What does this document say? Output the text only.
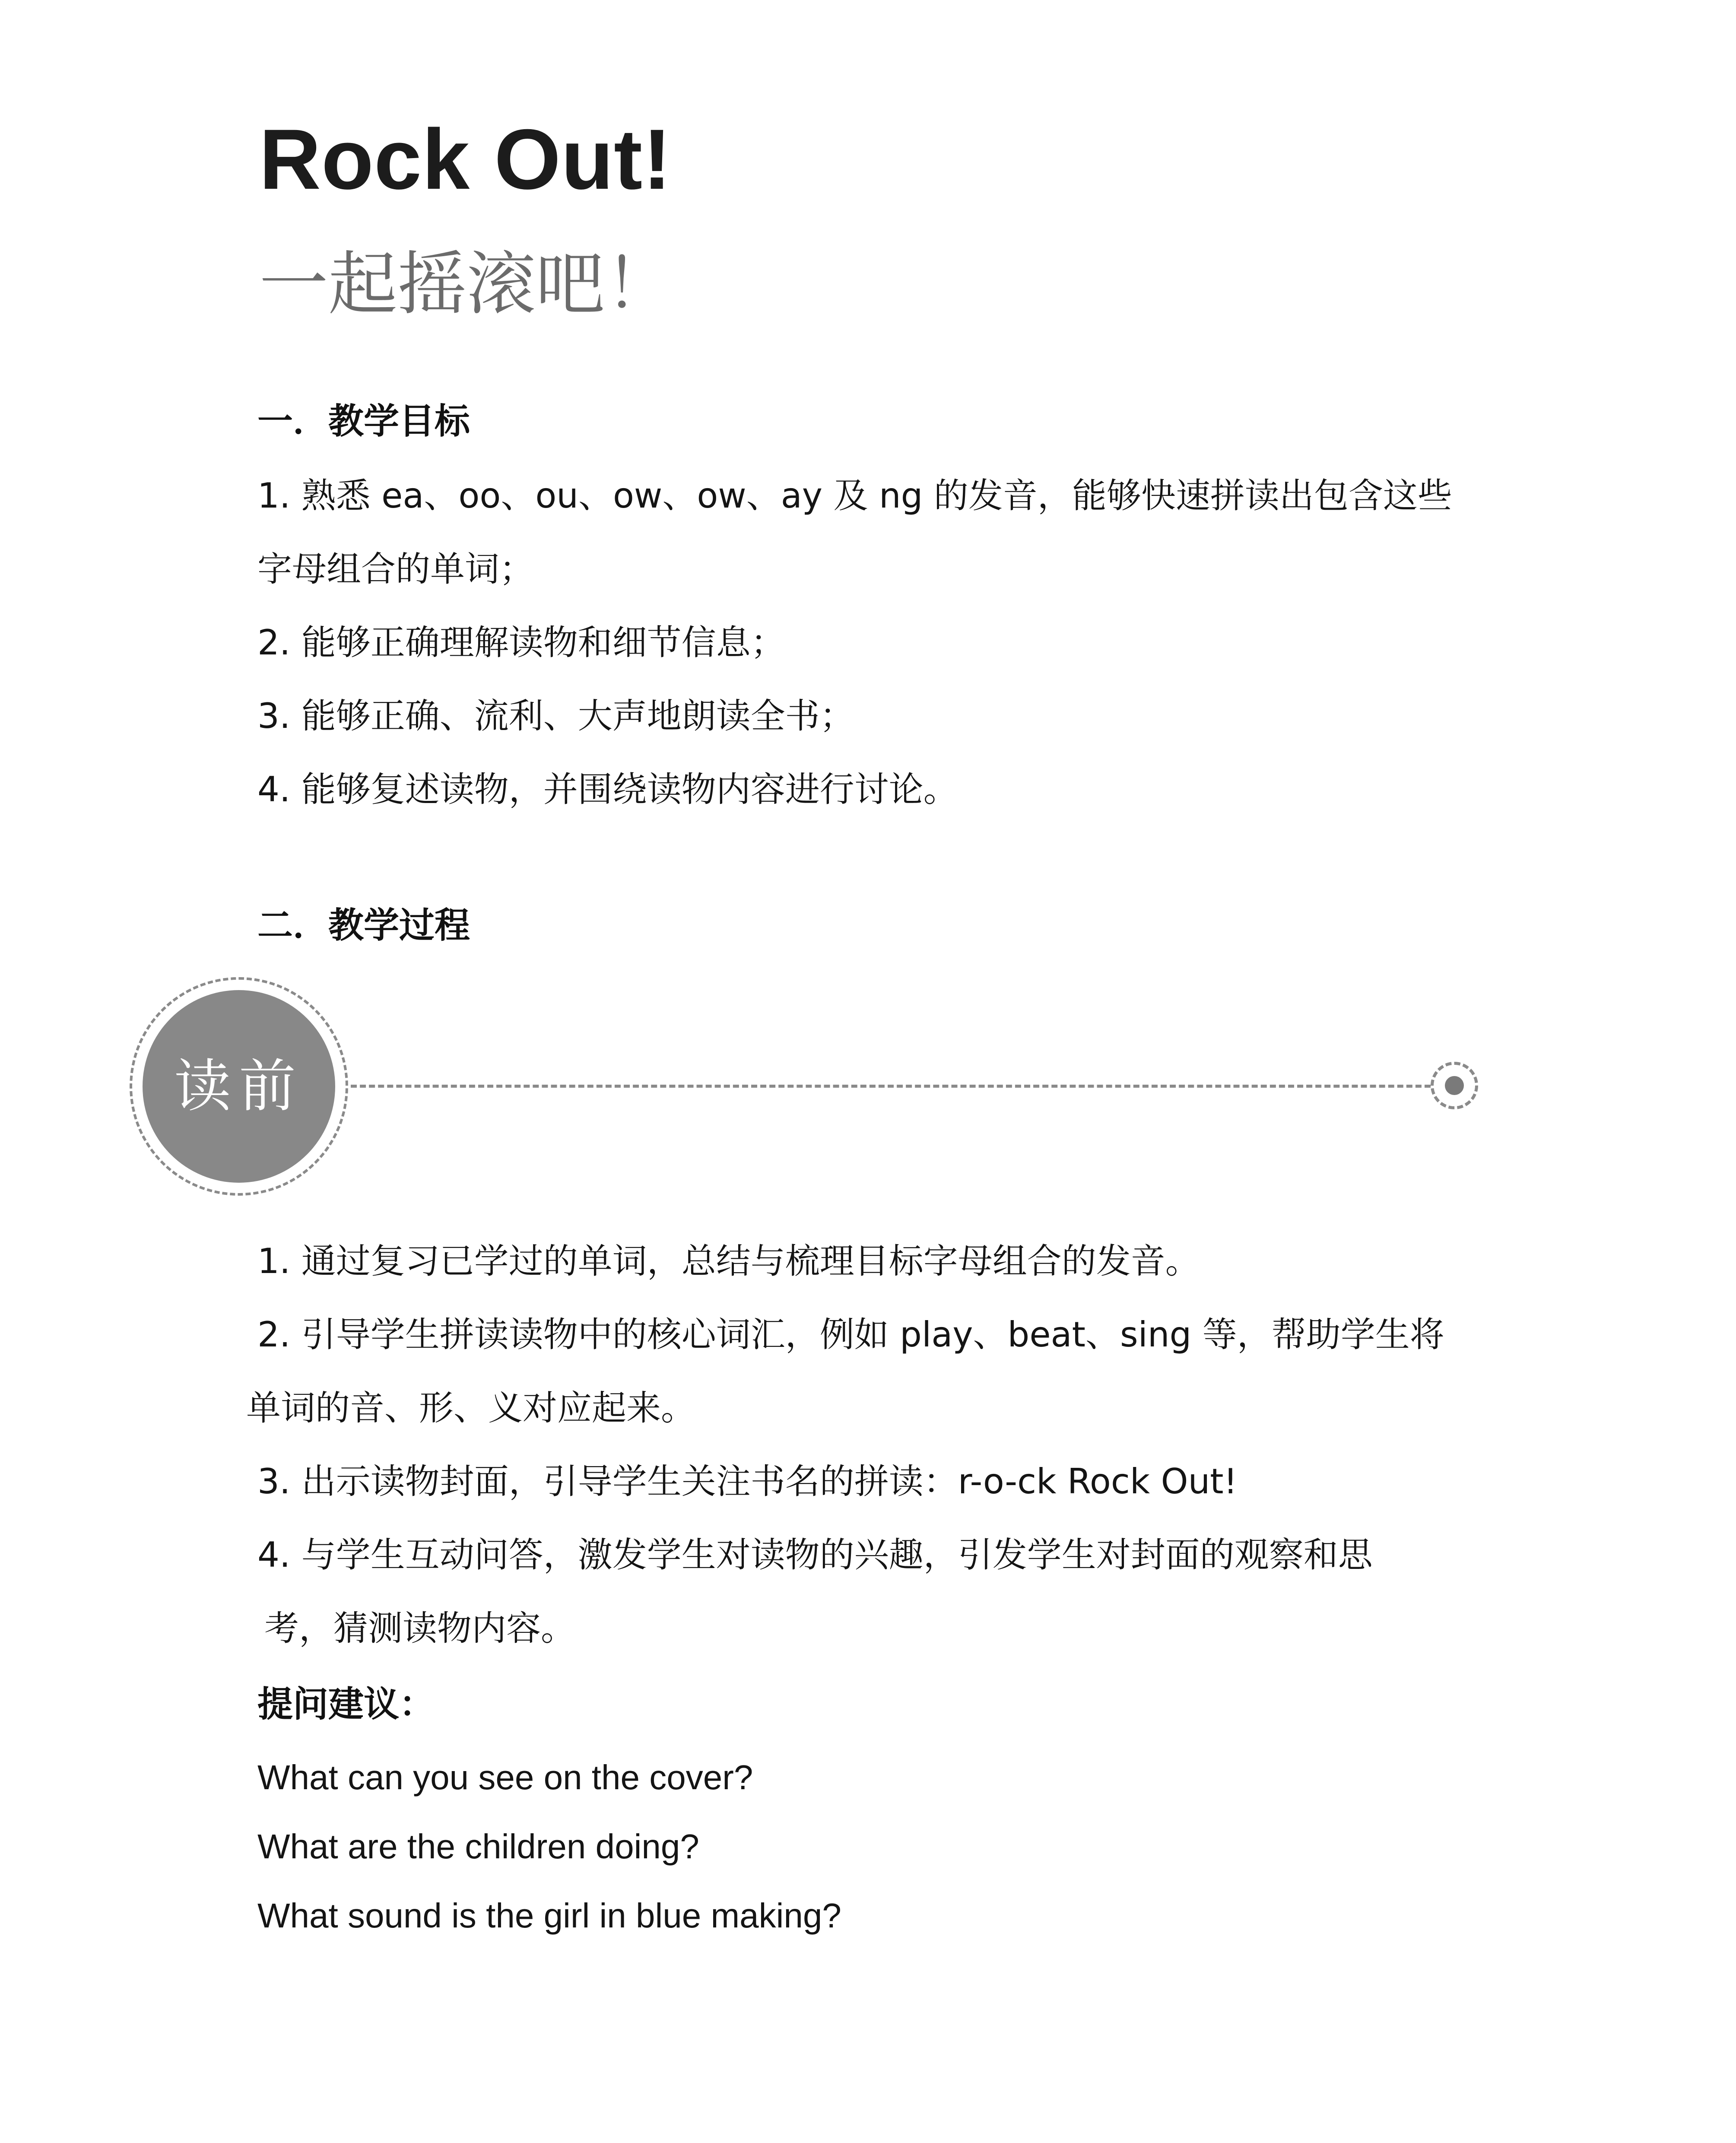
Rock Out!
一起摇滚吧！
一．教学目标
1. 熟悉 ea、oo、ou、ow、ow、ay 及 ng 的发音，能够快速拼读出包含这些
字母组合的单词；
2. 能够正确理解读物和细节信息；
3. 能够正确、流利、大声地朗读全书；
4. 能够复述读物，并围绕读物内容进行讨论。
二．教学过程
读前
1. 通过复习已学过的单词，总结与梳理目标字母组合的发音。
2. 引导学生拼读读物中的核心词汇，例如 play、beat、sing 等，帮助学生将
单词的音、形、义对应起来。
3. 出示读物封面，引导学生关注书名的拼读：r-o-ck Rock Out!
4. 与学生互动问答，激发学生对读物的兴趣，引发学生对封面的观察和思
考，猜测读物内容。
提问建议：
What can you see on the cover?
What are the children doing?
What sound is the girl in blue making?
